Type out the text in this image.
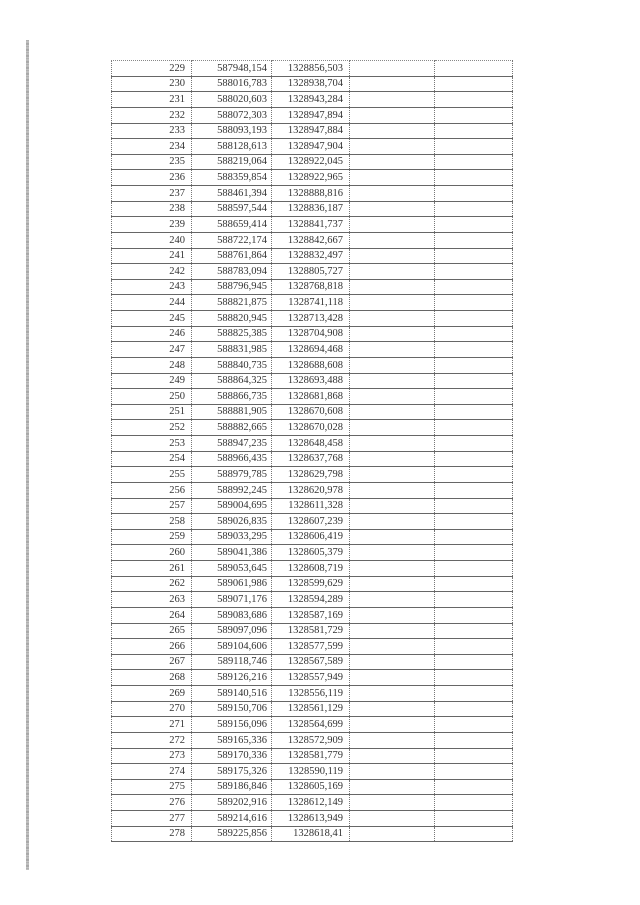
229	587948,154	1328856,503		
230	588016,783	1328938,704		
231	588020,603	1328943,284		
232	588072,303	1328947,894		
233	588093,193	1328947,884		
234	588128,613	1328947,904		
235	588219,064	1328922,045		
236	588359,854	1328922,965		
237	588461,394	1328888,816		
238	588597,544	1328836,187		
239	588659,414	1328841,737		
240	588722,174	1328842,667		
241	588761,864	1328832,497		
242	588783,094	1328805,727		
243	588796,945	1328768,818		
244	588821,875	1328741,118		
245	588820,945	1328713,428		
246	588825,385	1328704,908		
247	588831,985	1328694,468		
248	588840,735	1328688,608		
249	588864,325	1328693,488		
250	588866,735	1328681,868		
251	588881,905	1328670,608		
252	588882,665	1328670,028		
253	588947,235	1328648,458		
254	588966,435	1328637,768		
255	588979,785	1328629,798		
256	588992,245	1328620,978		
257	589004,695	1328611,328		
258	589026,835	1328607,239		
259	589033,295	1328606,419		
260	589041,386	1328605,379		
261	589053,645	1328608,719		
262	589061,986	1328599,629		
263	589071,176	1328594,289		
264	589083,686	1328587,169		
265	589097,096	1328581,729		
266	589104,606	1328577,599		
267	589118,746	1328567,589		
268	589126,216	1328557,949		
269	589140,516	1328556,119		
270	589150,706	1328561,129		
271	589156,096	1328564,699		
272	589165,336	1328572,909		
273	589170,336	1328581,779		
274	589175,326	1328590,119		
275	589186,846	1328605,169		
276	589202,916	1328612,149		
277	589214,616	1328613,949		
278	589225,856	1328618,41		
